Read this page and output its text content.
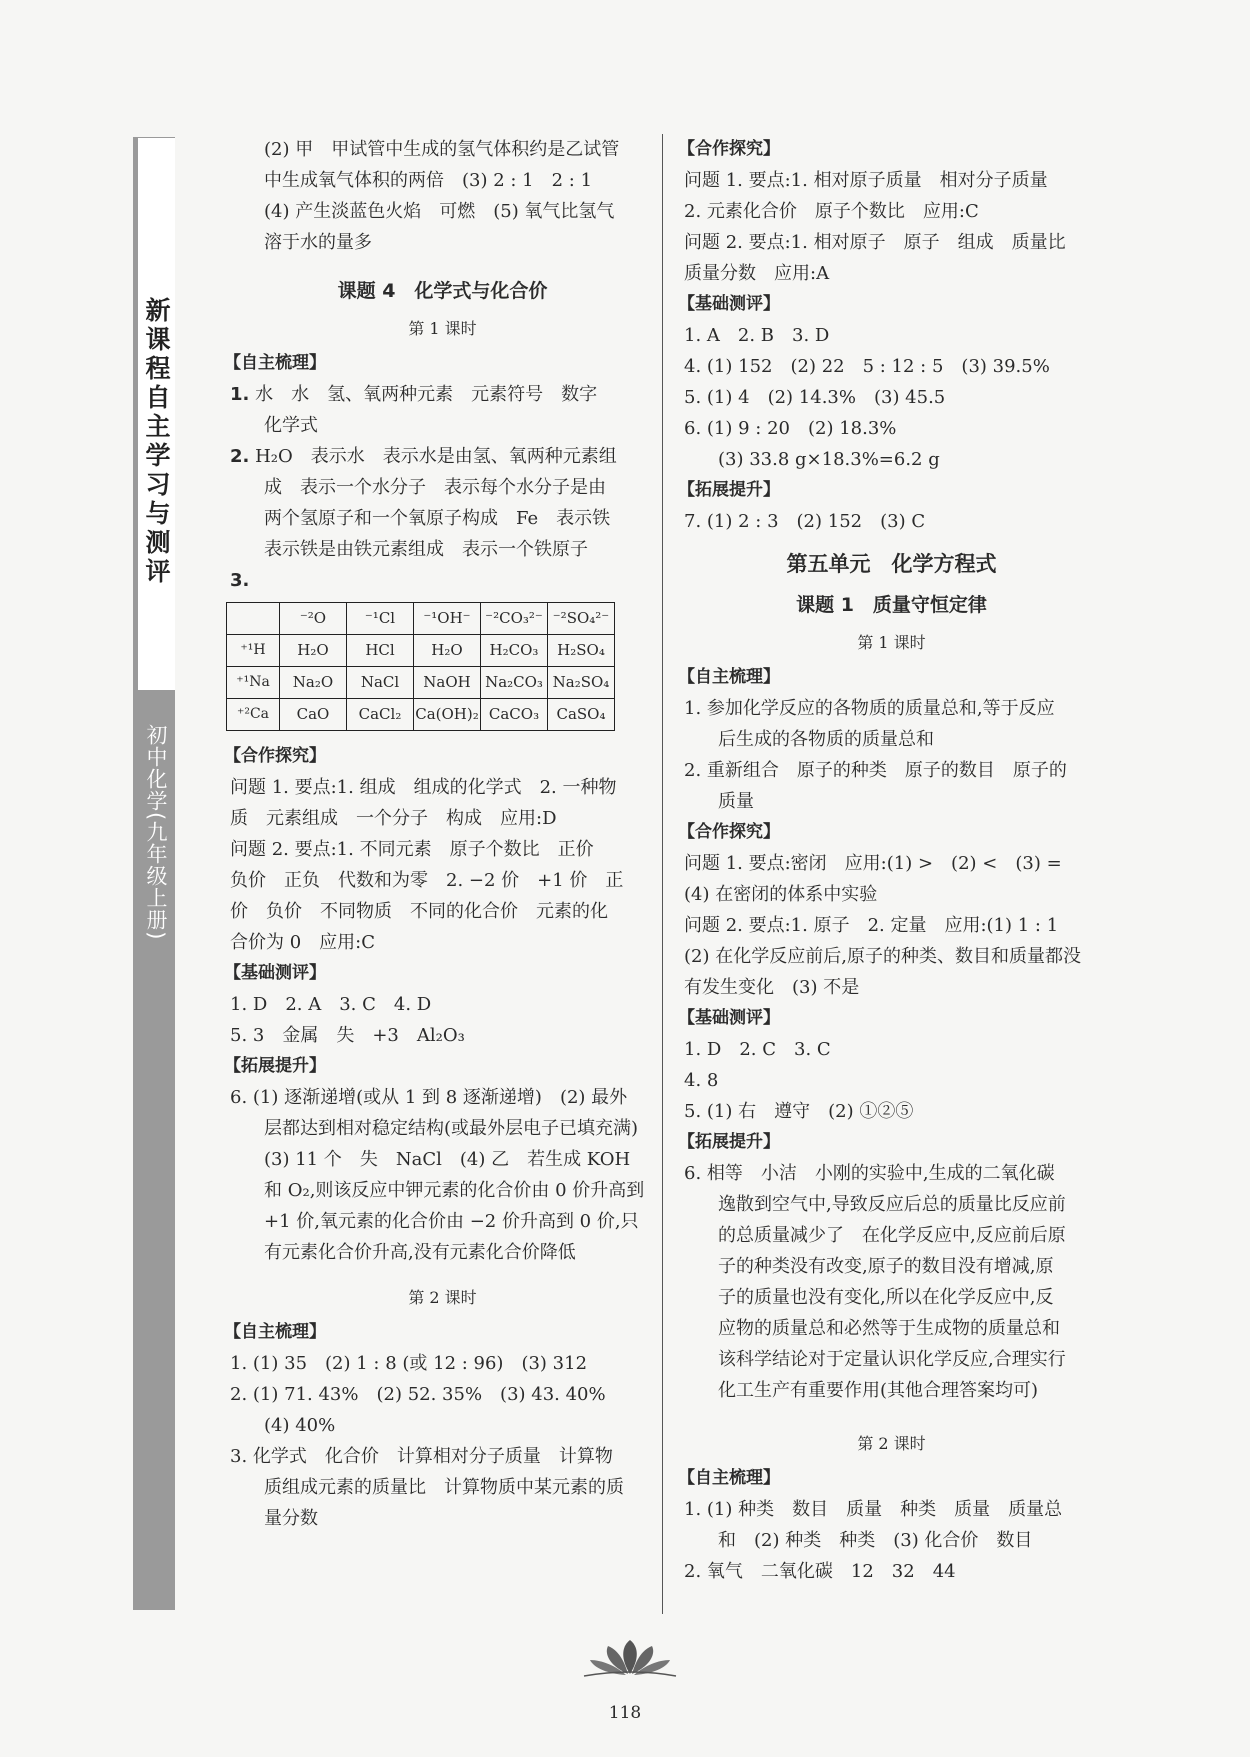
新课程自主学习与测评
初中化学(九年级上册)
(2) 甲　甲试管中生成的氢气体积约是乙试管
中生成氧气体积的两倍　(3) 2 : 1　2 : 1
(4) 产生淡蓝色火焰　可燃　(5) 氧气比氢气
溶于水的量多
课题 4　化学式与化合价
第 1 课时
【自主梳理】
1. 水　水　氢、氧两种元素　元素符号　数字
化学式
2. H₂O　表示水　表示水是由氢、氧两种元素组
成　表示一个水分子　表示每个水分子是由
两个氢原子和一个氧原子构成　Fe　表示铁
表示铁是由铁元素组成　表示一个铁原子
3.
	⁻²O	⁻¹Cl	⁻¹OH⁻	⁻²CO₃²⁻	⁻²SO₄²⁻
⁺¹H	H₂O	HCl	H₂O	H₂CO₃	H₂SO₄
⁺¹Na	Na₂O	NaCl	NaOH	Na₂CO₃	Na₂SO₄
⁺²Ca	CaO	CaCl₂	Ca(OH)₂	CaCO₃	CaSO₄
【合作探究】
问题 1. 要点:1. 组成　组成的化学式　2. 一种物
质　元素组成　一个分子　构成　应用:D
问题 2. 要点:1. 不同元素　原子个数比　正价
负价　正负　代数和为零　2. −2 价　+1 价　正
价　负价　不同物质　不同的化合价　元素的化
合价为 0　应用:C
【基础测评】
1. D　2. A　3. C　4. D
5. 3　金属　失　+3　Al₂O₃
【拓展提升】
6. (1) 逐渐递增(或从 1 到 8 逐渐递增)　(2) 最外
层都达到相对稳定结构(或最外层电子已填充满)
(3) 11 个　失　NaCl　(4) 乙　若生成 KOH
和 O₂,则该反应中钾元素的化合价由 0 价升高到
+1 价,氧元素的化合价由 −2 价升高到 0 价,只
有元素化合价升高,没有元素化合价降低
第 2 课时
【自主梳理】
1. (1) 35　(2) 1 : 8 (或 12 : 96)　(3) 312
2. (1) 71. 43%　(2) 52. 35%　(3) 43. 40%
(4) 40%
3. 化学式　化合价　计算相对分子质量　计算物
质组成元素的质量比　计算物质中某元素的质
量分数
【合作探究】
问题 1. 要点:1. 相对原子质量　相对分子质量
2. 元素化合价　原子个数比　应用:C
问题 2. 要点:1. 相对原子　原子　组成　质量比
质量分数　应用:A
【基础测评】
1. A　2. B　3. D
4. (1) 152　(2) 22　5 : 12 : 5　(3) 39.5%
5. (1) 4　(2) 14.3%　(3) 45.5
6. (1) 9 : 20　(2) 18.3%
(3) 33.8 g×18.3%=6.2 g
【拓展提升】
7. (1) 2 : 3　(2) 152　(3) C
第五单元　化学方程式
课题 1　质量守恒定律
第 1 课时
【自主梳理】
1. 参加化学反应的各物质的质量总和,等于反应
后生成的各物质的质量总和
2. 重新组合　原子的种类　原子的数目　原子的
质量
【合作探究】
问题 1. 要点:密闭　应用:(1) >　(2) <　(3) =
(4) 在密闭的体系中实验
问题 2. 要点:1. 原子　2. 定量　应用:(1) 1 : 1
(2) 在化学反应前后,原子的种类、数目和质量都没
有发生变化　(3) 不是
【基础测评】
1. D　2. C　3. C
4. 8
5. (1) 右　遵守　(2) ①②⑤
【拓展提升】
6. 相等　小洁　小刚的实验中,生成的二氧化碳
逸散到空气中,导致反应后总的质量比反应前
的总质量减少了　在化学反应中,反应前后原
子的种类没有改变,原子的数目没有增减,原
子的质量也没有变化,所以在化学反应中,反
应物的质量总和必然等于生成物的质量总和
该科学结论对于定量认识化学反应,合理实行
化工生产有重要作用(其他合理答案均可)
第 2 课时
【自主梳理】
1. (1) 种类　数目　质量　种类　质量　质量总
和　(2) 种类　种类　(3) 化合价　数目
2. 氧气　二氧化碳　12　32　44
118
